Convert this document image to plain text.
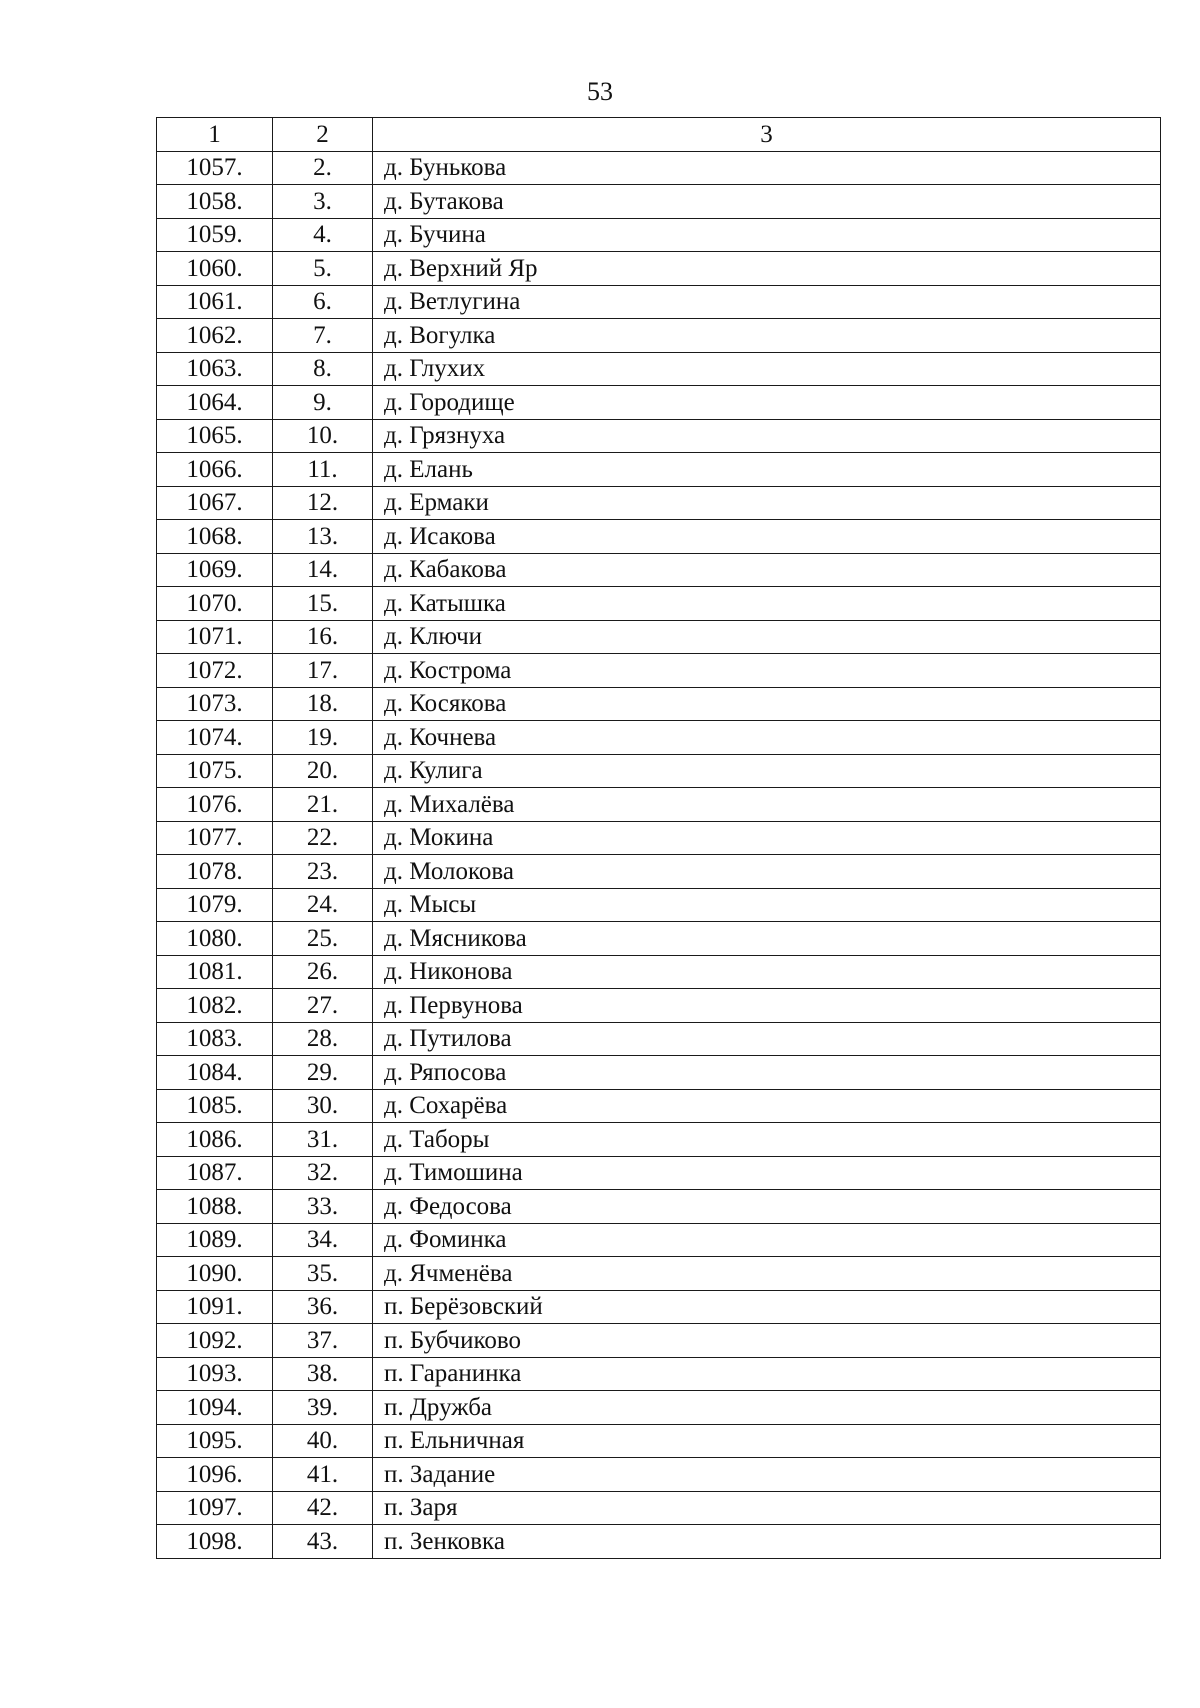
53
1	2	3
1057.	2.	д. Бунькова
1058.	3.	д. Бутакова
1059.	4.	д. Бучина
1060.	5.	д. Верхний Яр
1061.	6.	д. Ветлугина
1062.	7.	д. Вогулка
1063.	8.	д. Глухих
1064.	9.	д. Городище
1065.	10.	д. Грязнуха
1066.	11.	д. Елань
1067.	12.	д. Ермаки
1068.	13.	д. Исакова
1069.	14.	д. Кабакова
1070.	15.	д. Катышка
1071.	16.	д. Ключи
1072.	17.	д. Кострома
1073.	18.	д. Косякова
1074.	19.	д. Кочнева
1075.	20.	д. Кулига
1076.	21.	д. Михалёва
1077.	22.	д. Мокина
1078.	23.	д. Молокова
1079.	24.	д. Мысы
1080.	25.	д. Мясникова
1081.	26.	д. Никонова
1082.	27.	д. Первунова
1083.	28.	д. Путилова
1084.	29.	д. Ряпосова
1085.	30.	д. Сохарёва
1086.	31.	д. Таборы
1087.	32.	д. Тимошина
1088.	33.	д. Федосова
1089.	34.	д. Фоминка
1090.	35.	д. Ячменёва
1091.	36.	п. Берёзовский
1092.	37.	п. Бубчиково
1093.	38.	п. Гаранинка
1094.	39.	п. Дружба
1095.	40.	п. Ельничная
1096.	41.	п. Задание
1097.	42.	п. Заря
1098.	43.	п. Зенковка
